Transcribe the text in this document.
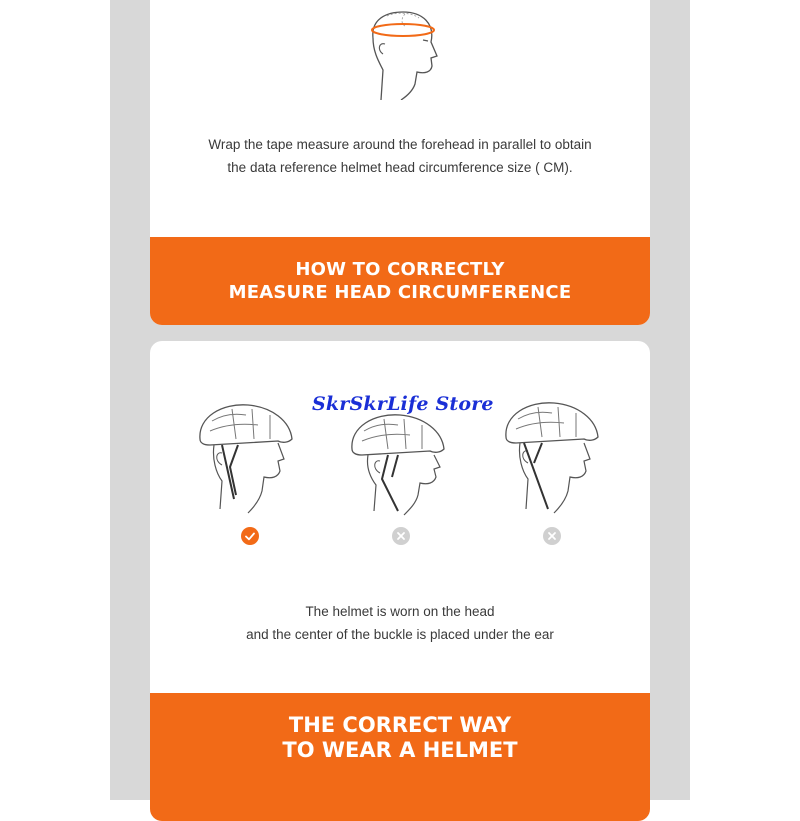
Wrap the tape measure around the forehead in parallel to obtain
the data reference helmet head circumference size ( CM).
HOW TO CORRECTLY
MEASURE HEAD CIRCUMFERENCE
The helmet is worn on the head
and the center of the buckle is placed under the ear
THE CORRECT WAY
TO WEAR A HELMET
SkrSkrLife Store
